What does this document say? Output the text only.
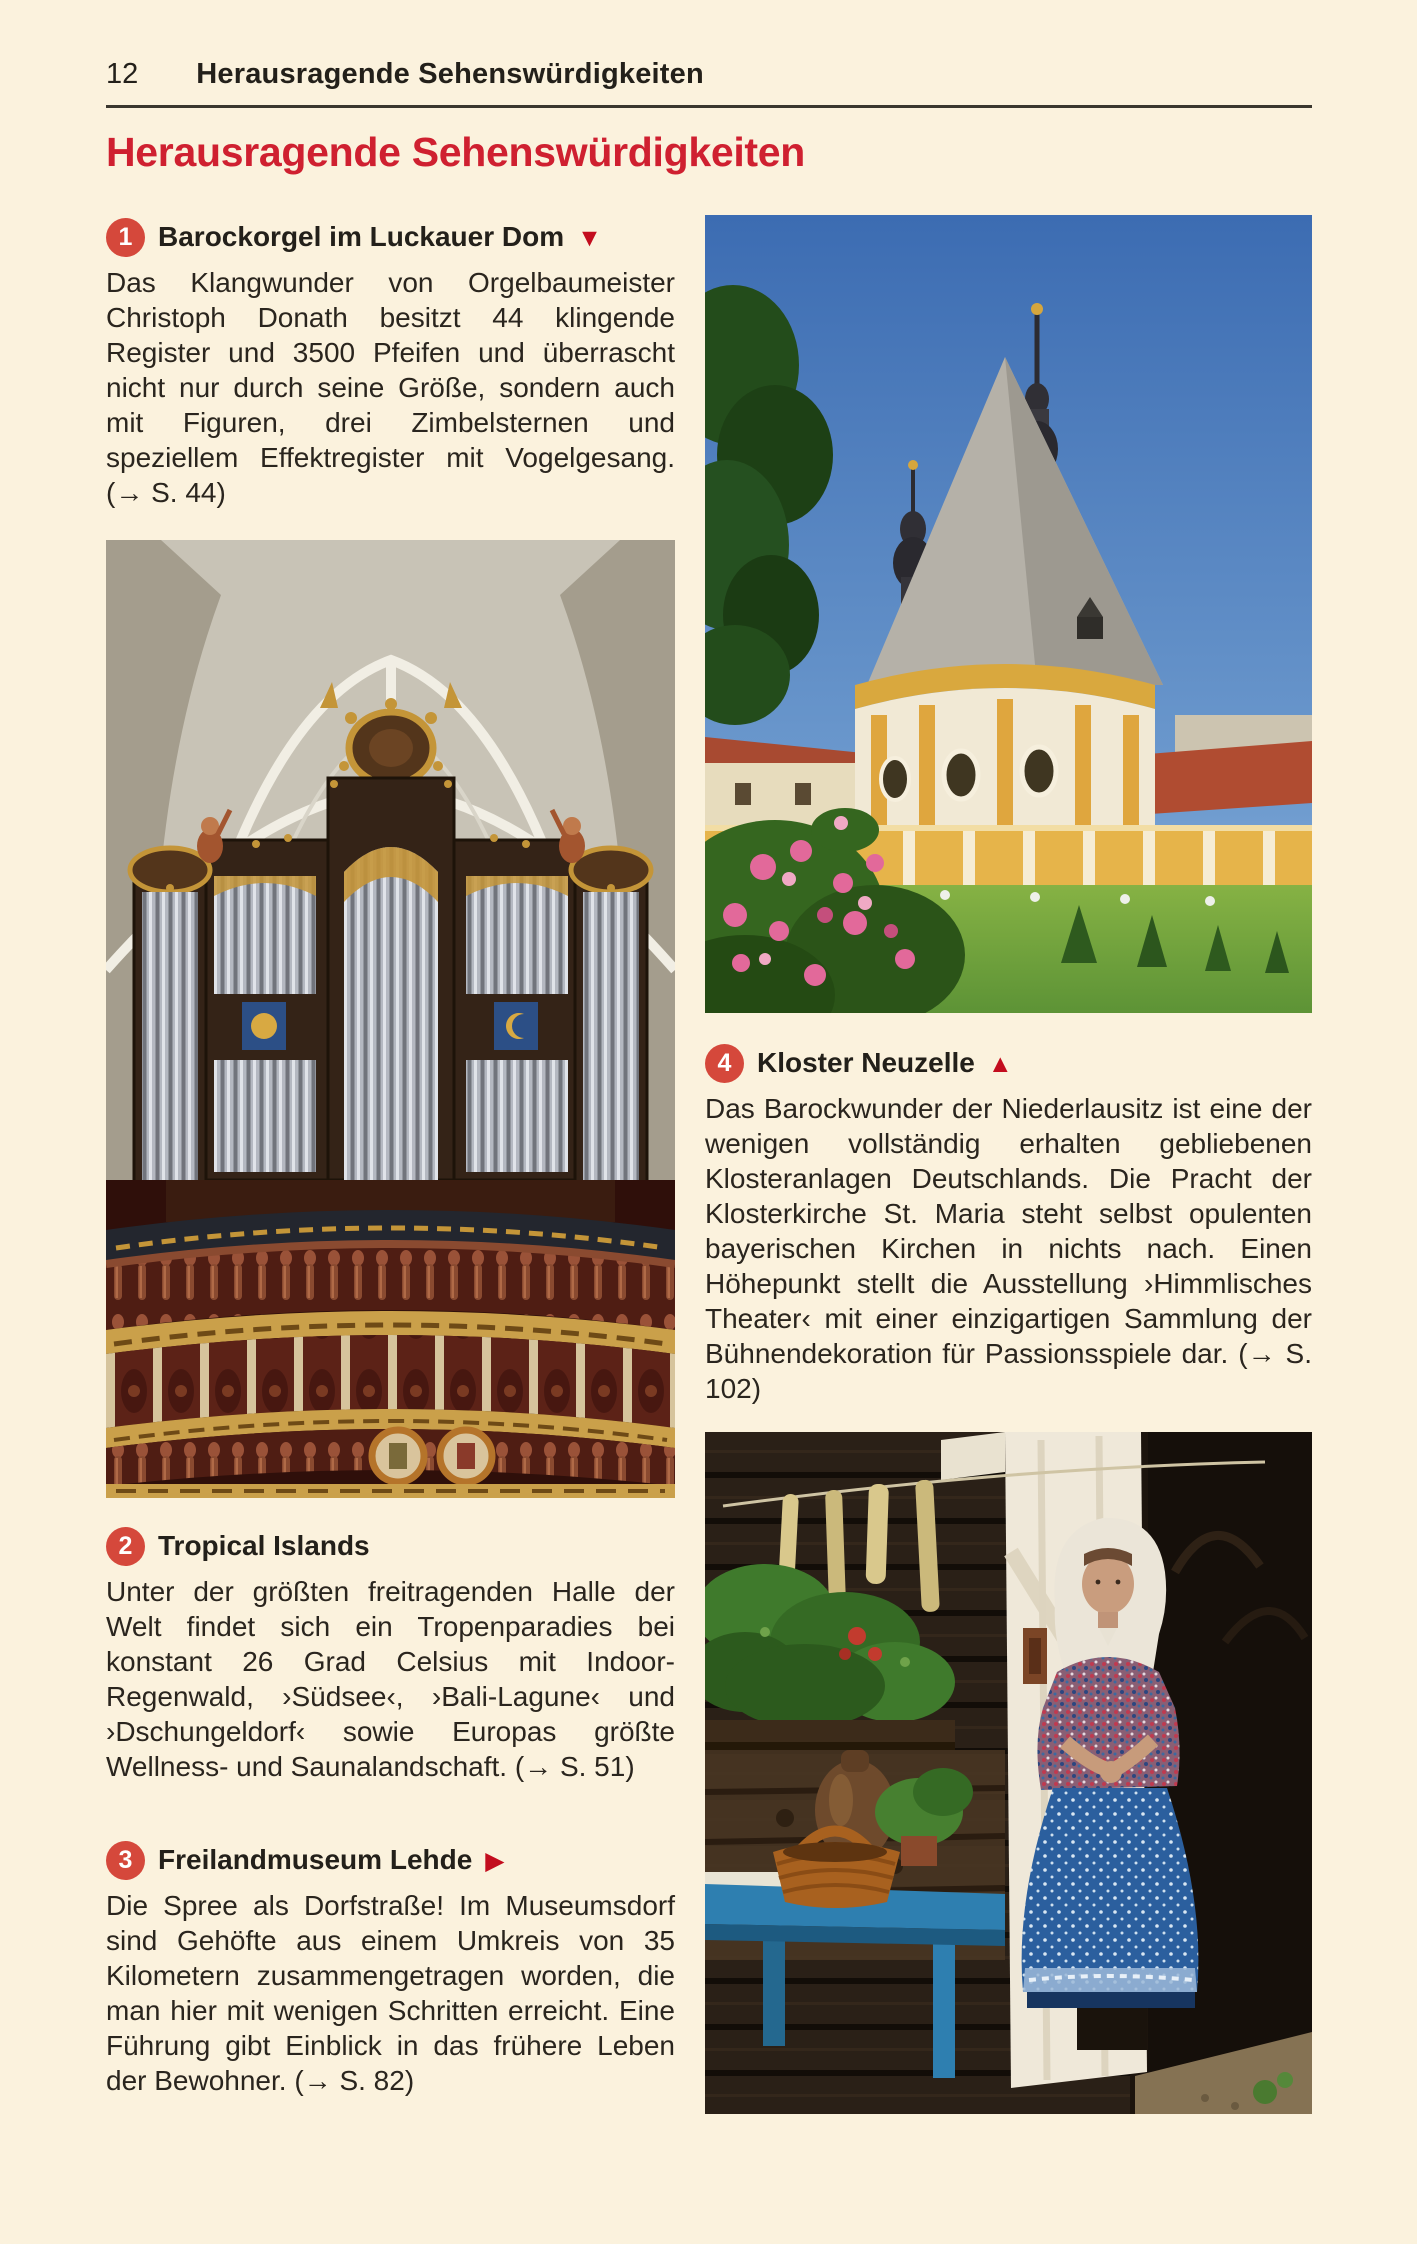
12 Herausragende Sehenswürdigkeiten
Herausragende Sehenswürdigkeiten
1 Barockorgel im Luckauer Dom ▼

Das Klangwunder von Orgelbaumeister Christoph Donath besitzt 44 klingende Register und 3500 Pfeifen und überrascht nicht nur durch seine Größe, sondern auch mit Figuren, drei Zimbelsternen und speziellem Effektregister mit Vogelgesang. (→ S. 44)

2 Tropical Islands

Unter der größten freitragenden Halle der Welt findet sich ein Tropenparadies bei konstant 26 Grad Celsius mit Indoor-Regenwald, ›Südsee‹, ›Bali-Lagune‹ und ›Dschungeldorf‹ sowie Europas größte Wellness- und Saunalandschaft. (→ S. 51)

3 Freilandmuseum Lehde ▶

Die Spree als Dorfstraße! Im Museumsdorf sind Gehöfte aus einem Umkreis von 35 Kilometern zusammengetragen worden, die man hier mit wenigen Schritten erreicht. Eine Führung gibt Einblick in das frühere Leben der Bewohner. (→ S. 82)

4 Kloster Neuzelle ▲

Das Barockwunder der Niederlausitz ist eine der wenigen vollständig erhalten gebliebenen Klosteranlagen Deutschlands. Die Pracht der Klosterkirche St. Maria steht selbst opulenten bayerischen Kirchen in nichts nach. Einen Höhepunkt stellt die Ausstellung ›Himmlisches Theater‹ mit einer einzigartigen Sammlung der Bühnendekoration für Passionsspiele dar. (→ S. 102)
